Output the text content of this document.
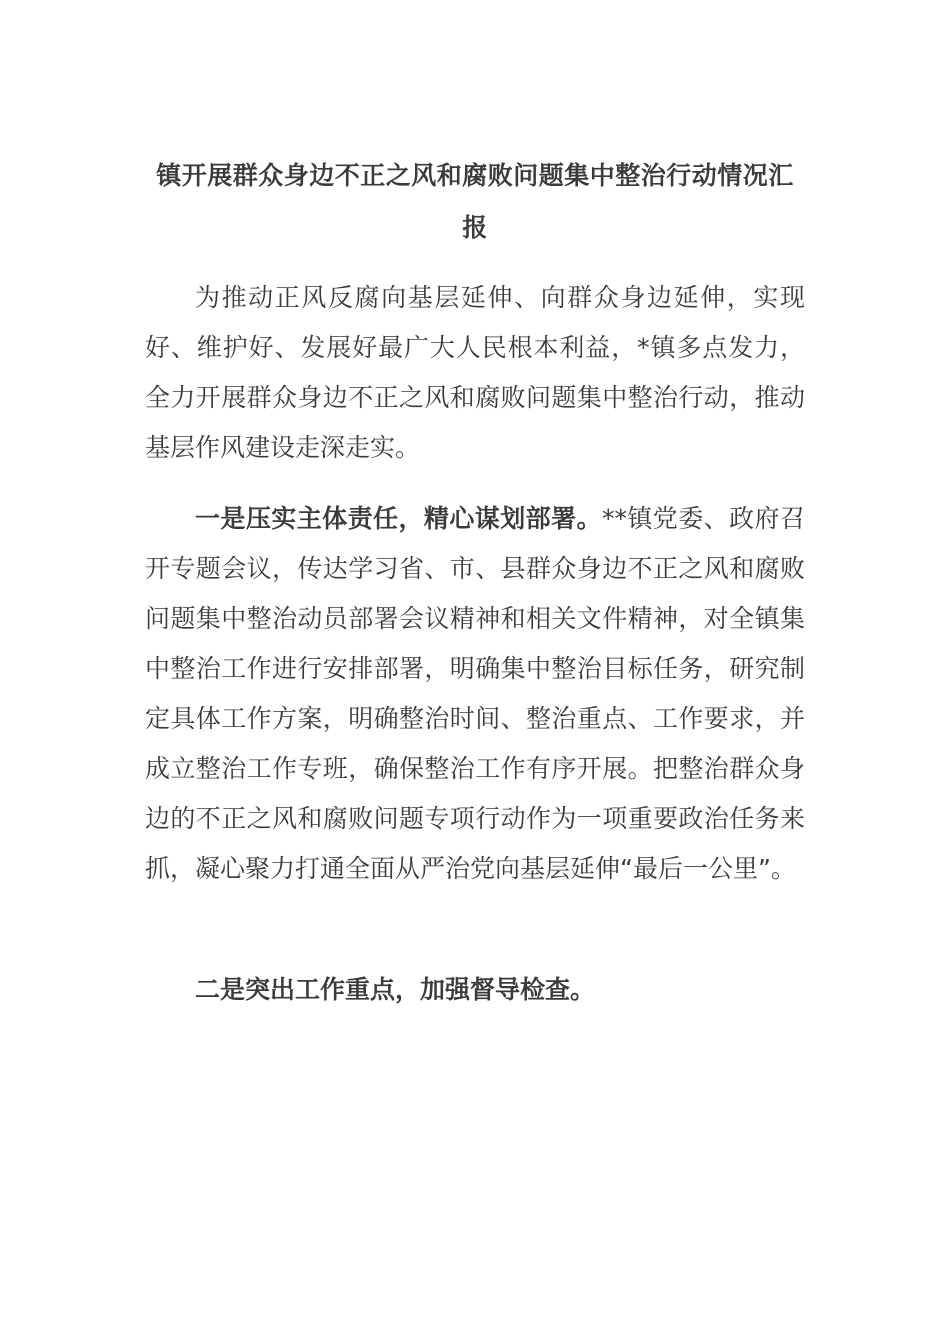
镇开展群众身边不正之风和腐败问题集中整治行动情况汇报

为推动正风反腐向基层延伸、向群众身边延伸，实现好、维护好、发展好最广大人民根本利益，*镇多点发力，全力开展群众身边不正之风和腐败问题集中整治行动，推动基层作风建设走深走实。

一是压实主体责任，精心谋划部署。**镇党委、政府召开专题会议，传达学习省、市、县群众身边不正之风和腐败问题集中整治动员部署会议精神和相关文件精神，对全镇集中整治工作进行安排部署，明确集中整治目标任务，研究制定具体工作方案，明确整治时间、整治重点、工作要求，并成立整治工作专班，确保整治工作有序开展。把整治群众身边的不正之风和腐败问题专项行动作为一项重要政治任务来抓，凝心聚力打通全面从严治党向基层延伸“最后一公里”。

二是突出工作重点，加强督导检查。
